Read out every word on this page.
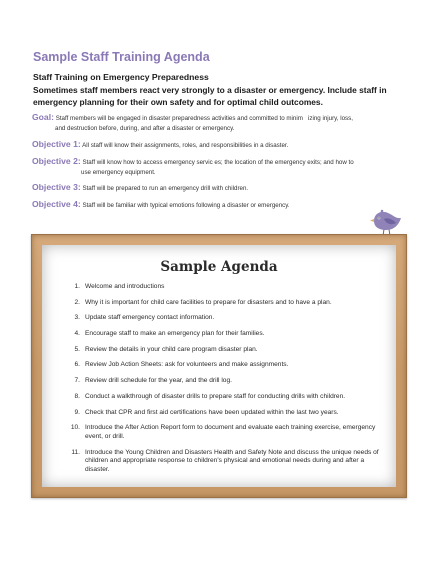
Sample Staff Training Agenda
Staff Training on Emergency Preparedness
Sometimes staff members react very strongly to a disaster or emergency. Include staff in emergency planning for their own safety and for optimal child outcomes.
Goal: Staff members will be engaged in disaster preparedness activities and committed to minim   izing injury, loss,
and destruction before, during, and after a disaster or emergency.
Objective 1: All staff will know their assignments, roles, and responsibilities in a disaster.
Objective 2: Staff will know how to access emergency servic es; the location of the emergency exits; and how to
use emergency equipment.
Objective 3: Staff will be prepared to run an emergency drill with children.
Objective 4: Staff will be familiar with typical emotions following a disaster or emergency.
Sample Agenda
1. Welcome and introductions
2. Why it is important for child care facilities to prepare for disasters and to have a plan.
3. Update staff emergency contact information.
4. Encourage staff to make an emergency plan for their families.
5. Review the details in your child care program disaster plan.
6. Review Job Action Sheets: ask for volunteers and make assignments.
7. Review drill schedule for the year, and the drill log.
8. Conduct a walkthrough of disaster drills to prepare staff for conducting drills with children.
9. Check that CPR and first aid certifications have been updated within the last two years.
10. Introduce the After Action Report form to document and evaluate each training exercise, emergency event, or drill.
11. Introduce the Young Children and Disasters Health and Safety Note and discuss the unique needs of children and appropriate response to children's physical and emotional needs during and after a disaster.
